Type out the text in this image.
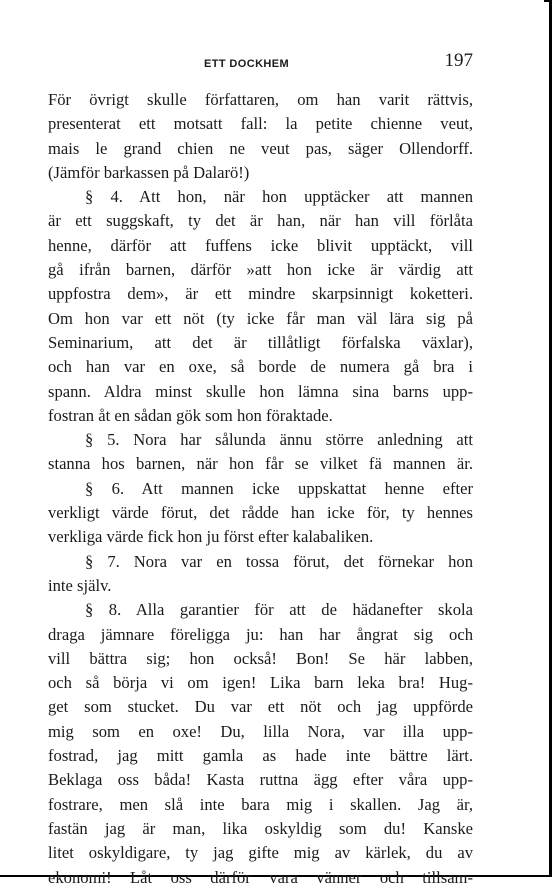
ETT DOCKHEM	197
För övrigt skulle författaren, om han varit rättvis,
presenterat ett motsatt fall: la petite chienne veut,
mais le grand chien ne veut pas, säger Ollendorff.
(Jämför barkassen på Dalarö!)
§ 4. Att hon, när hon upptäcker att mannen
är ett suggskaft, ty det är han, när han vill förlåta
henne, därför att fuffens icke blivit upptäckt, vill
gå ifrån barnen, därför »att hon icke är värdig att
uppfostra dem», är ett mindre skarpsinnigt koketteri.
Om hon var ett nöt (ty icke får man väl lära sig på
Seminarium, att det är tillåtligt förfalska växlar),
och han var en oxe, så borde de numera gå bra i
spann. Aldra minst skulle hon lämna sina barns upp-
fostran åt en sådan gök som hon föraktade.
§ 5. Nora har sålunda ännu större anledning att
stanna hos barnen, när hon får se vilket fä mannen är.
§ 6. Att mannen icke uppskattat henne efter
verkligt värde förut, det rådde han icke för, ty hennes
verkliga värde fick hon ju först efter kalabaliken.
§ 7. Nora var en tossa förut, det förnekar hon
inte själv.
§ 8. Alla garantier för att de hädanefter skola
draga jämnare föreligga ju: han har ångrat sig och
vill bättra sig; hon också! Bon! Se här labben,
och så börja vi om igen! Lika barn leka bra! Hug-
get som stucket. Du var ett nöt och jag uppförde
mig som en oxe! Du, lilla Nora, var illa upp-
fostrad, jag mitt gamla as hade inte bättre lärt.
Beklaga oss båda! Kasta ruttna ägg efter våra upp-
fostrare, men slå inte bara mig i skallen. Jag är,
fastän jag är man, lika oskyldig som du! Kanske
litet oskyldigare, ty jag gifte mig av kärlek, du av
ekonomi! Låt oss därför vara vänner och tillsam-
